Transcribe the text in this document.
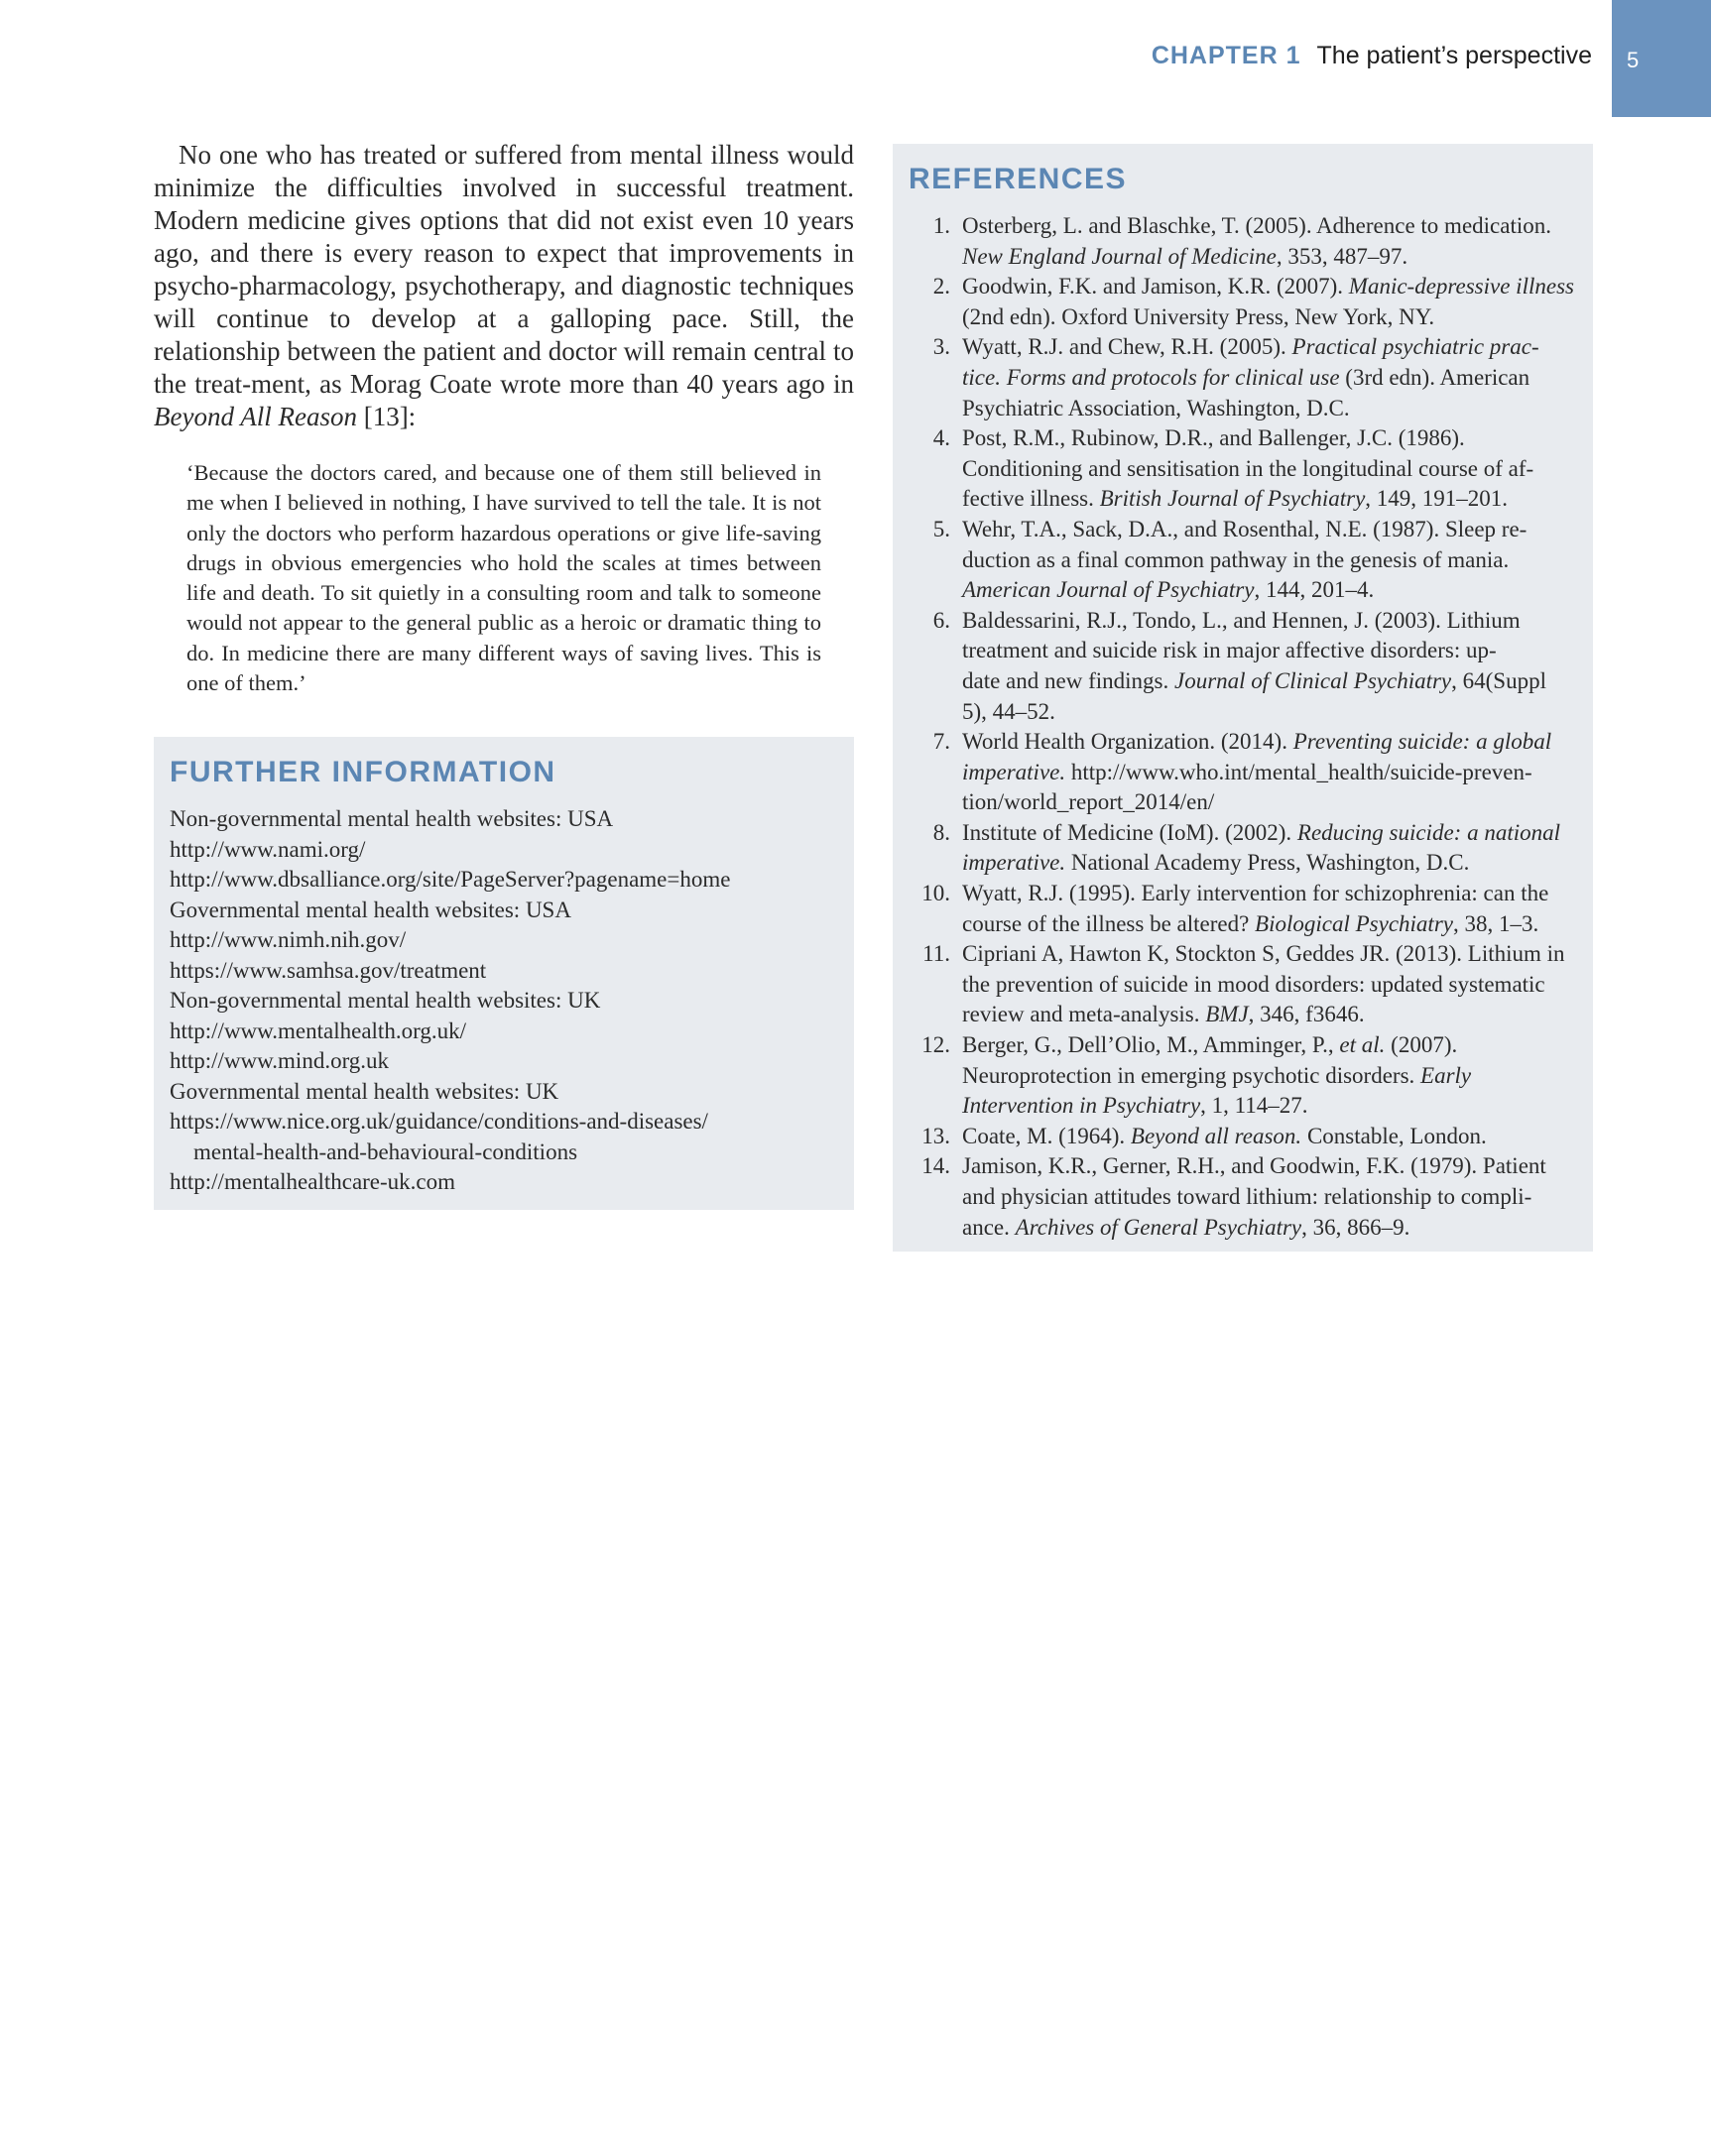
CHAPTER 1 The patient’s perspective 5

No one who has treated or suffered from mental illness would minimize the difficulties involved in successful treatment. Modern medicine gives options that did not exist even 10 years ago, and there is every reason to expect that improvements in psycho-pharmacology, psychotherapy, and diagnostic techniques will continue to develop at a galloping pace. Still, the relationship between the patient and doctor will remain central to the treat-ment, as Morag Coate wrote more than 40 years ago in Beyond All Reason [13]:

‘Because the doctors cared, and because one of them still believed in me when I believed in nothing, I have survived to tell the tale. It is not only the doctors who perform hazardous operations or give life-saving drugs in obvious emergencies who hold the scales at times between life and death. To sit quietly in a consulting room and talk to someone would not appear to the general public as a heroic or dramatic thing to do. In medicine there are many different ways of saving lives. This is one of them.’

FURTHER INFORMATION
Non-governmental mental health websites: USA
http://www.nami.org/
http://www.dbsalliance.org/site/PageServer?pagename=home
Governmental mental health websites: USA
http://www.nimh.nih.gov/
https://www.samhsa.gov/treatment
Non-governmental mental health websites: UK
http://www.mentalhealth.org.uk/
http://www.mind.org.uk
Governmental mental health websites: UK
https://www.nice.org.uk/guidance/conditions-and-diseases/
mental-health-and-behavioural-conditions
http://mentalhealthcare-uk.com
REFERENCES
1. Osterberg, L. and Blaschke, T. (2005). Adherence to medication.
New England Journal of Medicine, 353, 487–97.
2. Goodwin, F.K. and Jamison, K.R. (2007). Manic-depressive illness
(2nd edn). Oxford University Press, New York, NY.
3. Wyatt, R.J. and Chew, R.H. (2005). Practical psychiatric prac-
tice. Forms and protocols for clinical use (3rd edn). American
Psychiatric Association, Washington, D.C.
4. Post, R.M., Rubinow, D.R., and Ballenger, J.C. (1986).
Conditioning and sensitisation in the longitudinal course of af-
fective illness. British Journal of Psychiatry, 149, 191–201.
5. Wehr, T.A., Sack, D.A., and Rosenthal, N.E. (1987). Sleep re-
duction as a final common pathway in the genesis of mania.
American Journal of Psychiatry, 144, 201–4.
6. Baldessarini, R.J., Tondo, L., and Hennen, J. (2003). Lithium
treatment and suicide risk in major affective disorders: up-
date and new findings. Journal of Clinical Psychiatry, 64(Suppl
5), 44–52.
7. World Health Organization. (2014). Preventing suicide: a global
imperative. http://www.who.int/mental_health/suicide-preven-
tion/world_report_2014/en/
8. Institute of Medicine (IoM). (2002). Reducing suicide: a national
imperative. National Academy Press, Washington, D.C.
10. Wyatt, R.J. (1995). Early intervention for schizophrenia: can the
course of the illness be altered? Biological Psychiatry, 38, 1–3.
11. Cipriani A, Hawton K, Stockton S, Geddes JR. (2013). Lithium in
the prevention of suicide in mood disorders: updated systematic
review and meta-analysis. BMJ, 346, f3646.
12. Berger, G., Dell’Olio, M., Amminger, P., et al. (2007).
Neuroprotection in emerging psychotic disorders. Early
Intervention in Psychiatry, 1, 114–27.
13. Coate, M. (1964). Beyond all reason. Constable, London.
14. Jamison, K.R., Gerner, R.H., and Goodwin, F.K. (1979). Patient
and physician attitudes toward lithium: relationship to compli-
ance. Archives of General Psychiatry, 36, 866–9.
